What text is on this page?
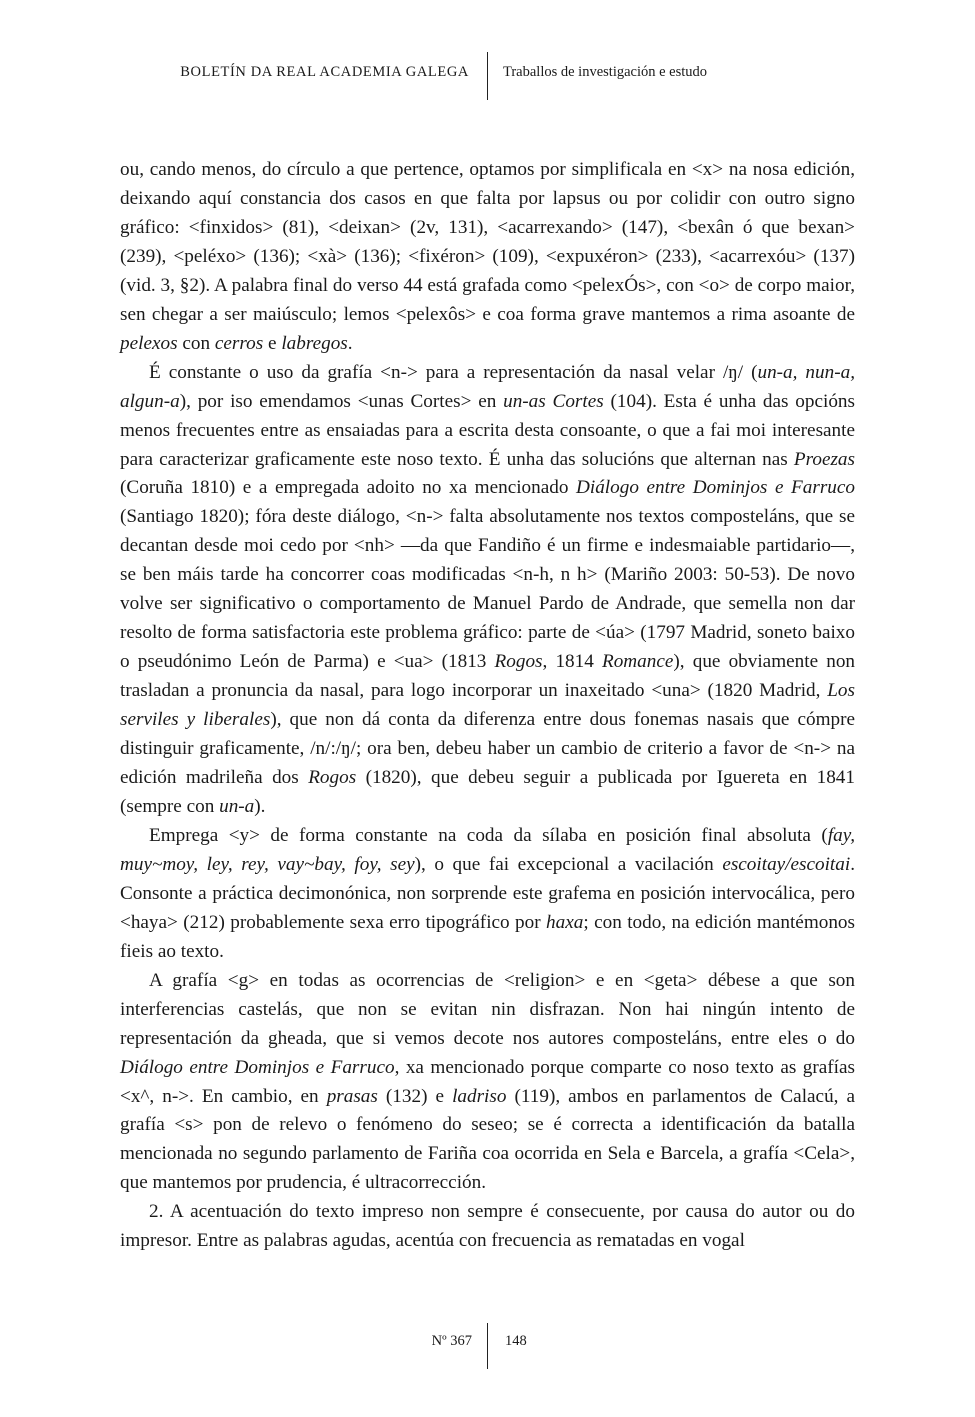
BOLETÍN DA REAL ACADEMIA GALEGA Traballos de investigación e estudo

ou, cando menos, do círculo a que pertence, optamos por simplificala en <x> na nosa edición, deixando aquí constancia dos casos en que falta por lapsus ou por colidir con outro signo gráfico: <finxidos> (81), <deixan> (2v, 131), <acarrexando> (147), <bexân ó que bexan> (239), <peléxo> (136); <xà> (136); <fixéron> (109), <expuxéron> (233), <acarrexóu> (137) (vid. 3, §2). A palabra final do verso 44 está grafada como <pelexÓs>, con <o> de corpo maior, sen chegar a ser maiúsculo; lemos <pelexôs> e coa forma grave mantemos a rima asoante de pelexos con cerros e labregos.

É constante o uso da grafía <n-> para a representación da nasal velar /ŋ/ (un-a, nun-a, algun-a), por iso emendamos <unas Cortes> en un-as Cortes (104). Esta é unha das opcións menos frecuentes entre as ensaiadas para a escrita desta consoante, o que a fai moi interesante para caracterizar graficamente este noso texto. É unha das solucións que alternan nas Proezas (Coruña 1810) e a empregada adoito no xa mencionado Diálogo entre Dominjos e Farruco (Santiago 1820); fóra deste diálogo, <n-> falta absolutamente nos textos composteláns, que se decantan desde moi cedo por <nh> —da que Fandiño é un firme e indesmaiable partidario—, se ben máis tarde ha concorrer coas modificadas <n-h, n h> (Mariño 2003: 50-53). De novo volve ser significativo o comportamento de Manuel Pardo de Andrade, que semella non dar resolto de forma satisfactoria este problema gráfico: parte de <úa> (1797 Madrid, soneto baixo o pseudónimo León de Parma) e <ua> (1813 Rogos, 1814 Romance), que obviamente non trasladan a pronuncia da nasal, para logo incorporar un inaxeitado <una> (1820 Madrid, Los serviles y liberales), que non dá conta da diferenza entre dous fonemas nasais que cómpre distinguir graficamente, /n/:/ŋ/; ora ben, debeu haber un cambio de criterio a favor de <n-> na edición madrileña dos Rogos (1820), que debeu seguir a publicada por Iguereta en 1841 (sempre con un-a).

Emprega <y> de forma constante na coda da sílaba en posición final absoluta (fay, muy~moy, ley, rey, vay~bay, foy, sey), o que fai excepcional a vacilación escoitay/escoitai. Consonte a práctica decimonónica, non sorprende este grafema en posición intervocálica, pero <haya> (212) probablemente sexa erro tipográfico por haxa; con todo, na edición mantémonos fieis ao texto.

A grafía <g> en todas as ocorrencias de <religion> e en <geta> débese a que son interferencias castelás, que non se evitan nin disfrazan. Non hai ningún intento de representación da gheada, que si vemos decote nos autores composteláns, entre eles o do Diálogo entre Dominjos e Farruco, xa mencionado porque comparte co noso texto as grafías <x^, n->. En cambio, en prasas (132) e ladriso (119), ambos en parlamentos de Calacú, a grafía <s> pon de relevo o fenómeno do seseo; se é correcta a identificación da batalla mencionada no segundo parlamento de Fariña coa ocorrida en Sela e Barcela, a grafía <Cela>, que mantemos por prudencia, é ultracorrección.

2. A acentuación do texto impreso non sempre é consecuente, por causa do autor ou do impresor. Entre as palabras agudas, acentúa con frecuencia as rematadas en vogal

Nº 367 148
